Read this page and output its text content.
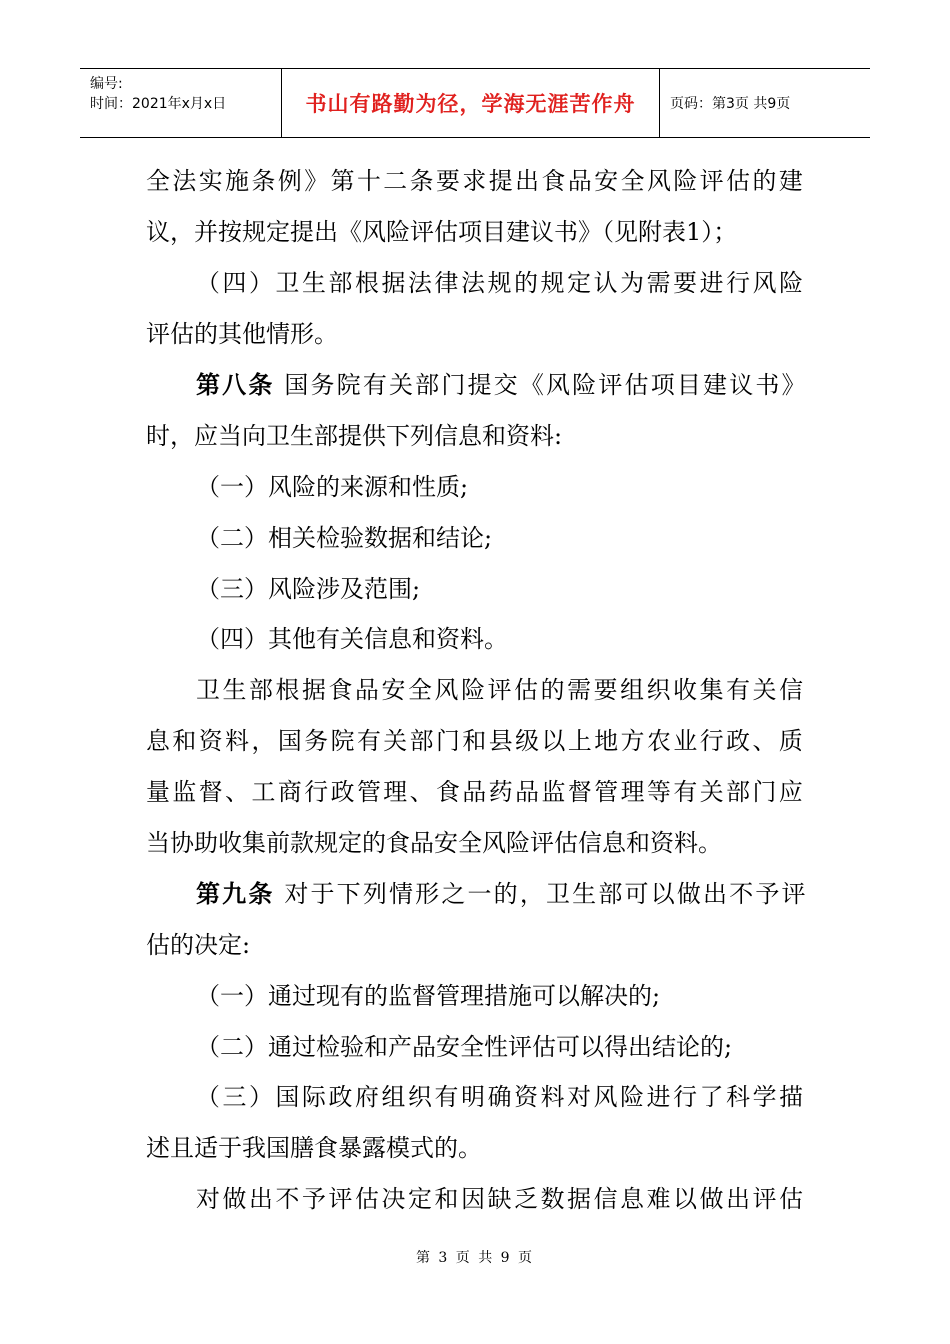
编号:
时间：2021年x月x日	书山有路勤为径，学海无涯苦作舟 页码：第3页 共9页
全法实施条例》第十二条要求提出食品安全风险评估的建
议，并按规定提出《风险评估项目建议书》（见附表1）；
（四）卫生部根据法律法规的规定认为需要进行风险
评估的其他情形。
第八条 国务院有关部门提交《风险评估项目建议书》
时，应当向卫生部提供下列信息和资料:
（一）风险的来源和性质;
（二）相关检验数据和结论;
（三）风险涉及范围;
（四）其他有关信息和资料。
卫生部根据食品安全风险评估的需要组织收集有关信
息和资料，国务院有关部门和县级以上地方农业行政、质
量监督、工商行政管理、食品药品监督管理等有关部门应
当协助收集前款规定的食品安全风险评估信息和资料。
第九条 对于下列情形之一的，卫生部可以做出不予评
估的决定:
（一）通过现有的监督管理措施可以解决的;
（二）通过检验和产品安全性评估可以得出结论的;
（三）国际政府组织有明确资料对风险进行了科学描
述且适于我国膳食暴露模式的。
对做出不予评估决定和因缺乏数据信息难以做出评估
第 3 页 共 9 页
